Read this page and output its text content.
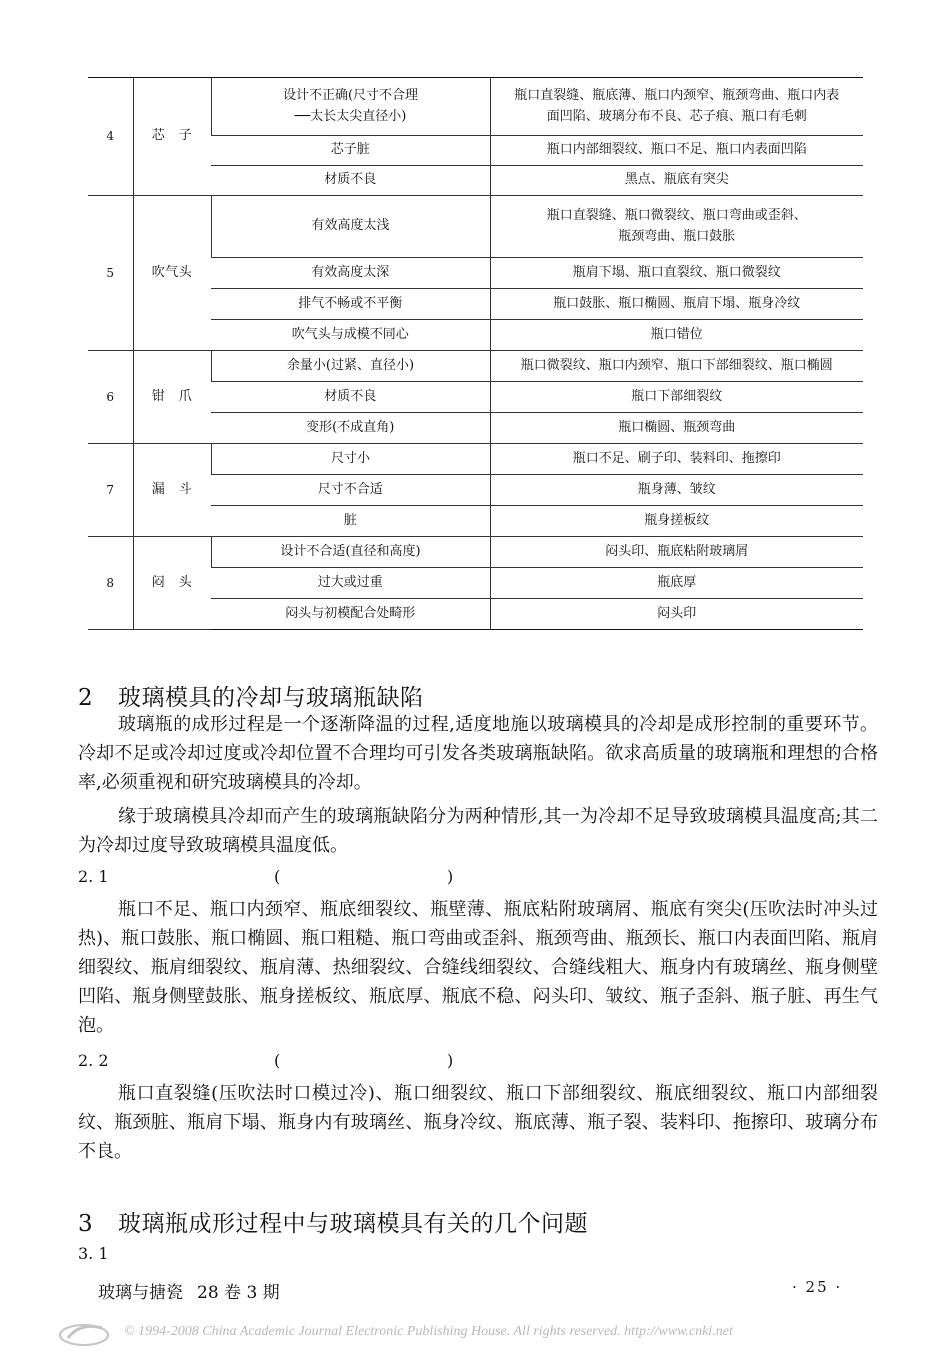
4	芯　子	设计不正确(尺寸不合理
──太长太尖直径小)	瓶口直裂缝、瓶底薄、瓶口内颈窄、瓶颈弯曲、瓶口内表
面凹陷、玻璃分布不良、芯子痕、瓶口有毛刺
		芯子脏	瓶口内部细裂纹、瓶口不足、瓶口内表面凹陷
		材质不良	黑点、瓶底有突尖
5	吹气头	有效高度太浅	瓶口直裂缝、瓶口微裂纹、瓶口弯曲或歪斜、
瓶颈弯曲、瓶口鼓胀
		有效高度太深	瓶肩下塌、瓶口直裂纹、瓶口微裂纹
		排气不畅或不平衡	瓶口鼓胀、瓶口椭圆、瓶肩下塌、瓶身冷纹
		吹气头与成模不同心	瓶口错位
6	钳　爪	余量小(过紧、直径小)	瓶口微裂纹、瓶口内颈窄、瓶口下部细裂纹、瓶口椭圆
		材质不良	瓶口下部细裂纹
		变形(不成直角)	瓶口椭圆、瓶颈弯曲
7	漏　斗	尺寸小	瓶口不足、刷子印、装料印、拖擦印
		尺寸不合适	瓶身薄、皱纹
		脏	瓶身搓板纹
8	闷　头	设计不合适(直径和高度)	闷头印、瓶底粘附玻璃屑
		过大或过重	瓶底厚
		闷头与初模配合处畸形	闷头印
2 玻璃模具的冷却与玻璃瓶缺陷
玻璃瓶的成形过程是一个逐渐降温的过程,适度地施以玻璃模具的冷却是成形控制的重要环节。冷却不足或冷却过度或冷却位置不合理均可引发各类玻璃瓶缺陷。欲求高质量的玻璃瓶和理想的合格率,必须重视和研究玻璃模具的冷却。
缘于玻璃模具冷却而产生的玻璃瓶缺陷分为两种情形,其一为冷却不足导致玻璃模具温度高;其二为冷却过度导致玻璃模具温度低。
2. 1	(	)
瓶口不足、瓶口内颈窄、瓶底细裂纹、瓶壁薄、瓶底粘附玻璃屑、瓶底有突尖(压吹法时冲头过热)、瓶口鼓胀、瓶口椭圆、瓶口粗糙、瓶口弯曲或歪斜、瓶颈弯曲、瓶颈长、瓶口内表面凹陷、瓶肩细裂纹、瓶肩细裂纹、瓶肩薄、热细裂纹、合缝线细裂纹、合缝线粗大、瓶身内有玻璃丝、瓶身侧壁凹陷、瓶身侧壁鼓胀、瓶身搓板纹、瓶底厚、瓶底不稳、闷头印、皱纹、瓶子歪斜、瓶子脏、再生气泡。
2. 2	(	)
瓶口直裂缝(压吹法时口模过冷)、瓶口细裂纹、瓶口下部细裂纹、瓶底细裂纹、瓶口内部细裂纹、瓶颈脏、瓶肩下塌、瓶身内有玻璃丝、瓶身冷纹、瓶底薄、瓶子裂、装料印、拖擦印、玻璃分布不良。
3 玻璃瓶成形过程中与玻璃模具有关的几个问题
3. 1
玻璃与搪瓷 28 卷 3 期	· 25 ·
© 1994-2008 China Academic Journal Electronic Publishing House. All rights reserved. http://www.cnki.net
